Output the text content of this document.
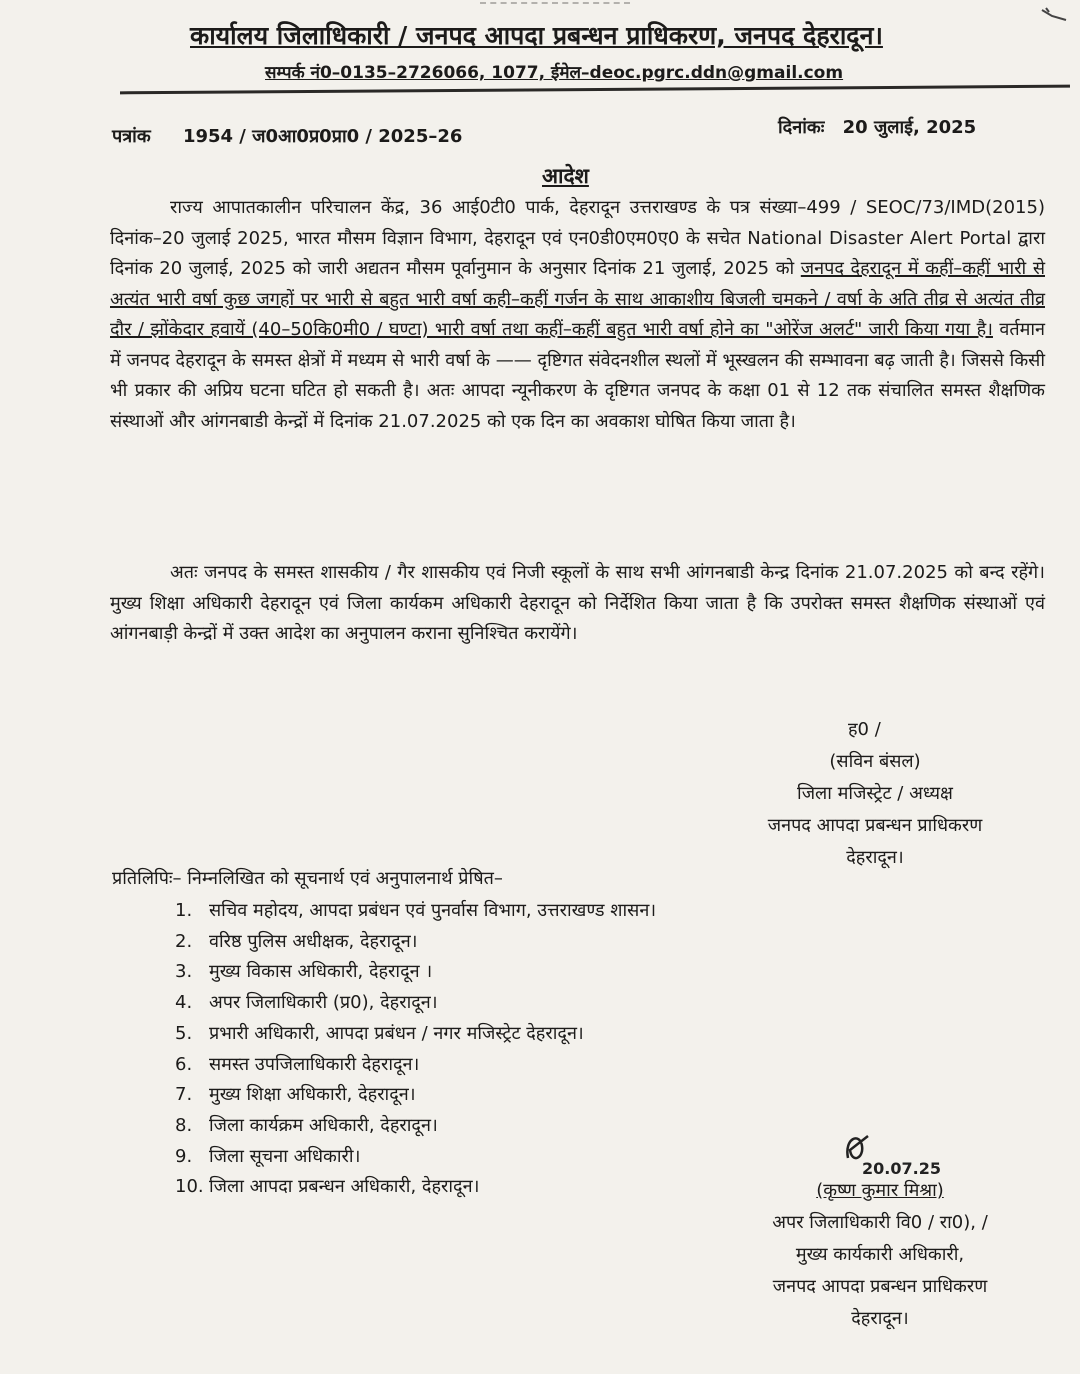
कार्यालय जिलाधिकारी / जनपद आपदा प्रबन्धन प्राधिकरण, जनपद देहरादून।
सम्पर्क नं0–0135–2726066, 1077, ईमेल–deoc.pgrc.ddn@gmail.com
पत्रांक 1954 / ज0आ0प्र0प्रा0 / 2025–26	दिनांकः 20 जुलाई, 2025
आदेश
राज्य आपातकालीन परिचालन केंद्र, 36 आई0टी0 पार्क, देहरादून उत्तराखण्ड के पत्र संख्या–499 / SEOC/73/IMD(2015) दिनांक–20 जुलाई 2025, भारत मौसम विज्ञान विभाग, देहरादून एवं एन0डी0एम0ए0 के सचेत National Disaster Alert Portal द्वारा दिनांक 20 जुलाई, 2025 को जारी अद्यतन मौसम पूर्वानुमान के अनुसार दिनांक 21 जुलाई, 2025 को जनपद देहरादून में कहीं–कहीं भारी से अत्यंत भारी वर्षा कुछ जगहों पर भारी से बहुत भारी वर्षा कही–कहीं गर्जन के साथ आकाशीय बिजली चमकने / वर्षा के अति तीव्र से अत्यंत तीव्र दौर / झोंकेदार हवायें (40–50कि0मी0 / घण्टा) भारी वर्षा तथा कहीं–कहीं बहुत भारी वर्षा होने का "ओरेंज अलर्ट" जारी किया गया है। वर्तमान में जनपद देहरादून के समस्त क्षेत्रों में मध्यम से भारी वर्षा के —— दृष्टिगत संवेदनशील स्थलों में भूस्खलन की सम्भावना बढ़ जाती है। जिससे किसी भी प्रकार की अप्रिय घटना घटित हो सकती है। अतः आपदा न्यूनीकरण के दृष्टिगत जनपद के कक्षा 01 से 12 तक संचालित समस्त शैक्षणिक संस्थाओं और आंगनबाडी केन्द्रों में दिनांक 21.07.2025 को एक दिन का अवकाश घोषित किया जाता है।
अतः जनपद के समस्त शासकीय / गैर शासकीय एवं निजी स्कूलों के साथ सभी आंगनबाडी केन्द्र दिनांक 21.07.2025 को बन्द रहेंगे। मुख्य शिक्षा अधिकारी देहरादून एवं जिला कार्यकम अधिकारी देहरादून को निर्देशित किया जाता है कि उपरोक्त समस्त शैक्षणिक संस्थाओं एवं आंगनबाड़ी केन्द्रों में उक्त आदेश का अनुपालन कराना सुनिश्चित करायेंगे।
ह0 /
(सविन बंसल)
जिला मजिस्ट्रेट / अध्यक्ष
जनपद आपदा प्रबन्धन प्राधिकरण
देहरादून।
प्रतिलिपिः– निम्नलिखित को सूचनार्थ एवं अनुपालनार्थ प्रेषित–
1. सचिव महोदय, आपदा प्रबंधन एवं पुनर्वास विभाग, उत्तराखण्ड शासन।
2. वरिष्ठ पुलिस अधीक्षक, देहरादून।
3. मुख्य विकास अधिकारी, देहरादून ।
4. अपर जिलाधिकारी (प्र0), देहरादून।
5. प्रभारी अधिकारी, आपदा प्रबंधन / नगर मजिस्ट्रेट देहरादून।
6. समस्त उपजिलाधिकारी देहरादून।
7. मुख्य शिक्षा अधिकारी, देहरादून।
8. जिला कार्यक्रम अधिकारी, देहरादून।
9. जिला सूचना अधिकारी।
10. जिला आपदा प्रबन्धन अधिकारी, देहरादून।
20.07.25
(कृष्ण कुमार मिश्रा)
अपर जिलाधिकारी वि0 / रा0), /
मुख्य कार्यकारी अधिकारी,
जनपद आपदा प्रबन्धन प्राधिकरण
देहरादून।
